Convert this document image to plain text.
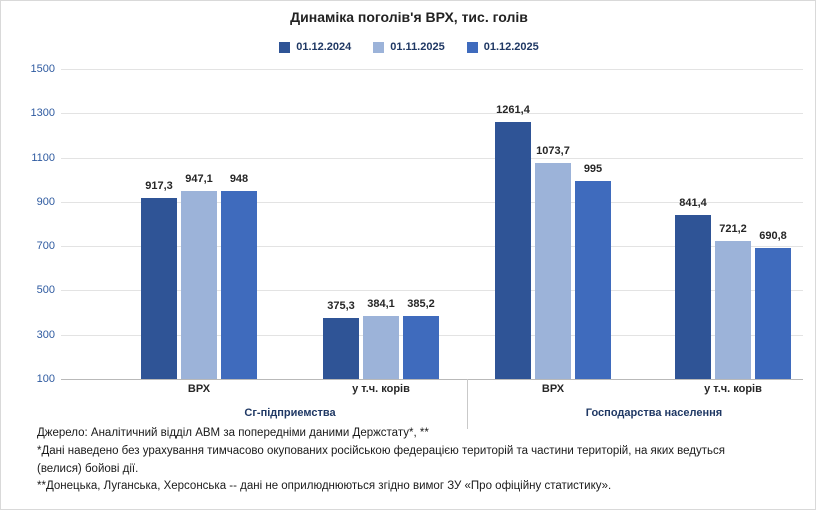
Динаміка поголів'я ВРХ, тис. голів
01.12.2024	01.11.2025	01.12.2025
100
300
500
700
900
1100
1300
1500
917,3
947,1	948
375,3	384,1	385,2
1261,4
1073,7
995
841,4
721,2
690,8
ВРХ	у т.ч. корів	ВРХ	у т.ч. корів
Сг-підприемства	Господарства населення
Джерело: Аналітичний відділ АВМ за попередніми даними Держстату*, **
*Дані наведено без урахування тимчасово окупованих російською федерацією територій та частини територій, на яких ведуться
(велися) бойові дії.
**Донецька, Луганська, Херсонська -- дані не оприлюднюються згідно вимог ЗУ «Про офіційну статистику».
